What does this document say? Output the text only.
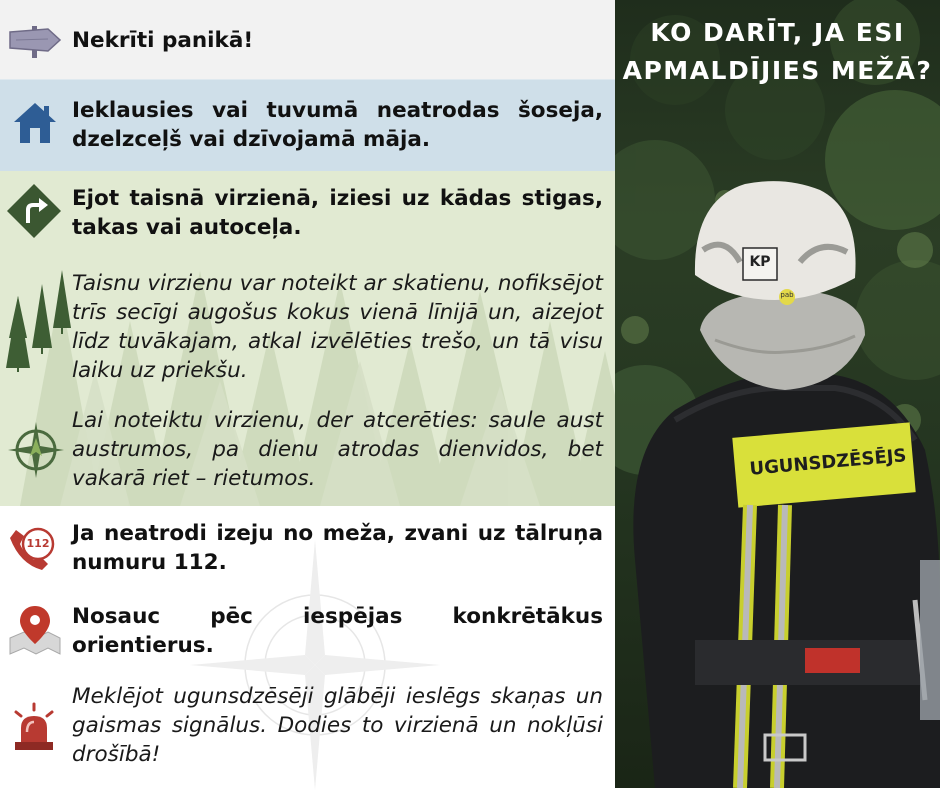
Nekrīti panikā!
Ieklausies vai tuvumā neatrodas šoseja, dzelzceļš vai dzīvojamā māja.
Ejot taisnā virzienā, iziesi uz kādas stigas, takas vai autoceļa.
Taisnu virzienu var noteikt ar skatienu, nofiksējot trīs secīgi augošus kokus vienā līnijā un, aizejot līdz tuvākajam, atkal izvēlēties trešo, un tā visu laiku uz priekšu.
Lai noteiktu virzienu, der atcerēties: saule aust austrumos, pa dienu atrodas dienvidos, bet vakarā riet – rietumos.
112 Ja neatrodi izeju no meža, zvani uz tālruņa numuru 112.
Nosauc pēc iespējas konkrētākus orientierus.
Meklējot ugunsdzēsēji glābēji ieslēgs skaņas un gaismas signālus. Dodies to virzienā un nokļūsi drošībā!
KP
pab
UGUNSDZĒSĒJS
KO DARĪT, JA ESI APMALDĪJIES MEŽĀ?
